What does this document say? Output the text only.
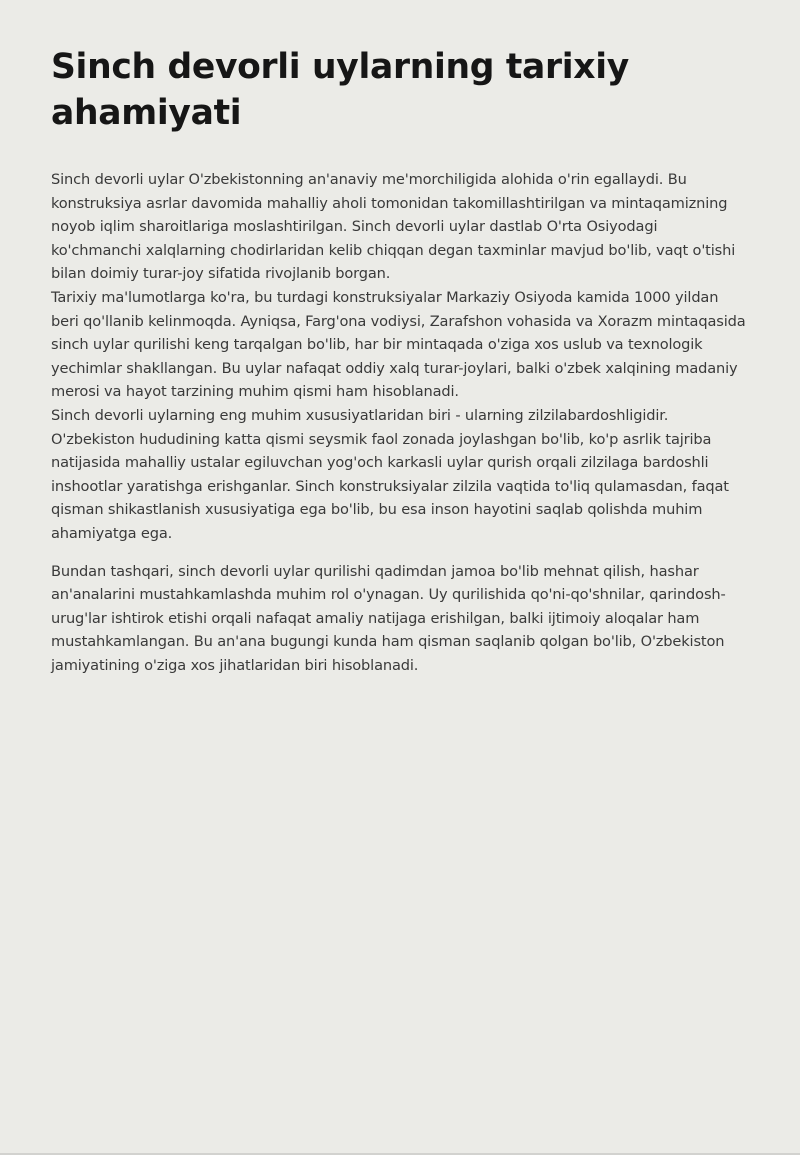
Sinch devorli uylarning tarixiy ahamiyati

Sinch devorli uylar O'zbekistonning an'anaviy me'morchiligida alohida o'rin egallaydi. Bu konstruksiya asrlar davomida mahalliy aholi tomonidan takomillashtirilgan va mintaqamizning noyob iqlim sharoitlariga moslashtirilgan. Sinch devorli uylar dastlab O'rta Osiyodagi ko'chmanchi xalqlarning chodirlaridan kelib chiqqan degan taxminlar mavjud bo'lib, vaqt o'tishi bilan doimiy turar-joy sifatida rivojlanib borgan.

Tarixiy ma'lumotlarga ko'ra, bu turdagi konstruksiyalar Markaziy Osiyoda kamida 1000 yildan beri qo'llanib kelinmoqda. Ayniqsa, Farg'ona vodiysi, Zarafshon vohasida va Xorazm mintaqasida sinch uylar qurilishi keng tarqalgan bo'lib, har bir mintaqada o'ziga xos uslub va texnologik yechimlar shakllangan. Bu uylar nafaqat oddiy xalq turar-joylari, balki o'zbek xalqining madaniy merosi va hayot tarzining muhim qismi ham hisoblanadi.

Sinch devorli uylarning eng muhim xususiyatlaridan biri - ularning zilzilabardoshligidir. O'zbekiston hududining katta qismi seysmik faol zonada joylashgan bo'lib, ko'p asrlik tajriba natijasida mahalliy ustalar egiluvchan yog'och karkasli uylar qurish orqali zilzilaga bardoshli inshootlar yaratishga erishganlar. Sinch konstruksiyalar zilzila vaqtida to'liq qulamasdan, faqat qisman shikastlanish xususiyatiga ega bo'lib, bu esa inson hayotini saqlab qolishda muhim ahamiyatga ega.

Bundan tashqari, sinch devorli uylar qurilishi qadimdan jamoa bo'lib mehnat qilish, hashar an'analarini mustahkamlashda muhim rol o'ynagan. Uy qurilishida qo'ni-qo'shnilar, qarindosh-urug'lar ishtirok etishi orqali nafaqat amaliy natijaga erishilgan, balki ijtimoiy aloqalar ham mustahkamlangan. Bu an'ana bugungi kunda ham qisman saqlanib qolgan bo'lib, O'zbekiston jamiyatining o'ziga xos jihatlaridan biri hisoblanadi.
